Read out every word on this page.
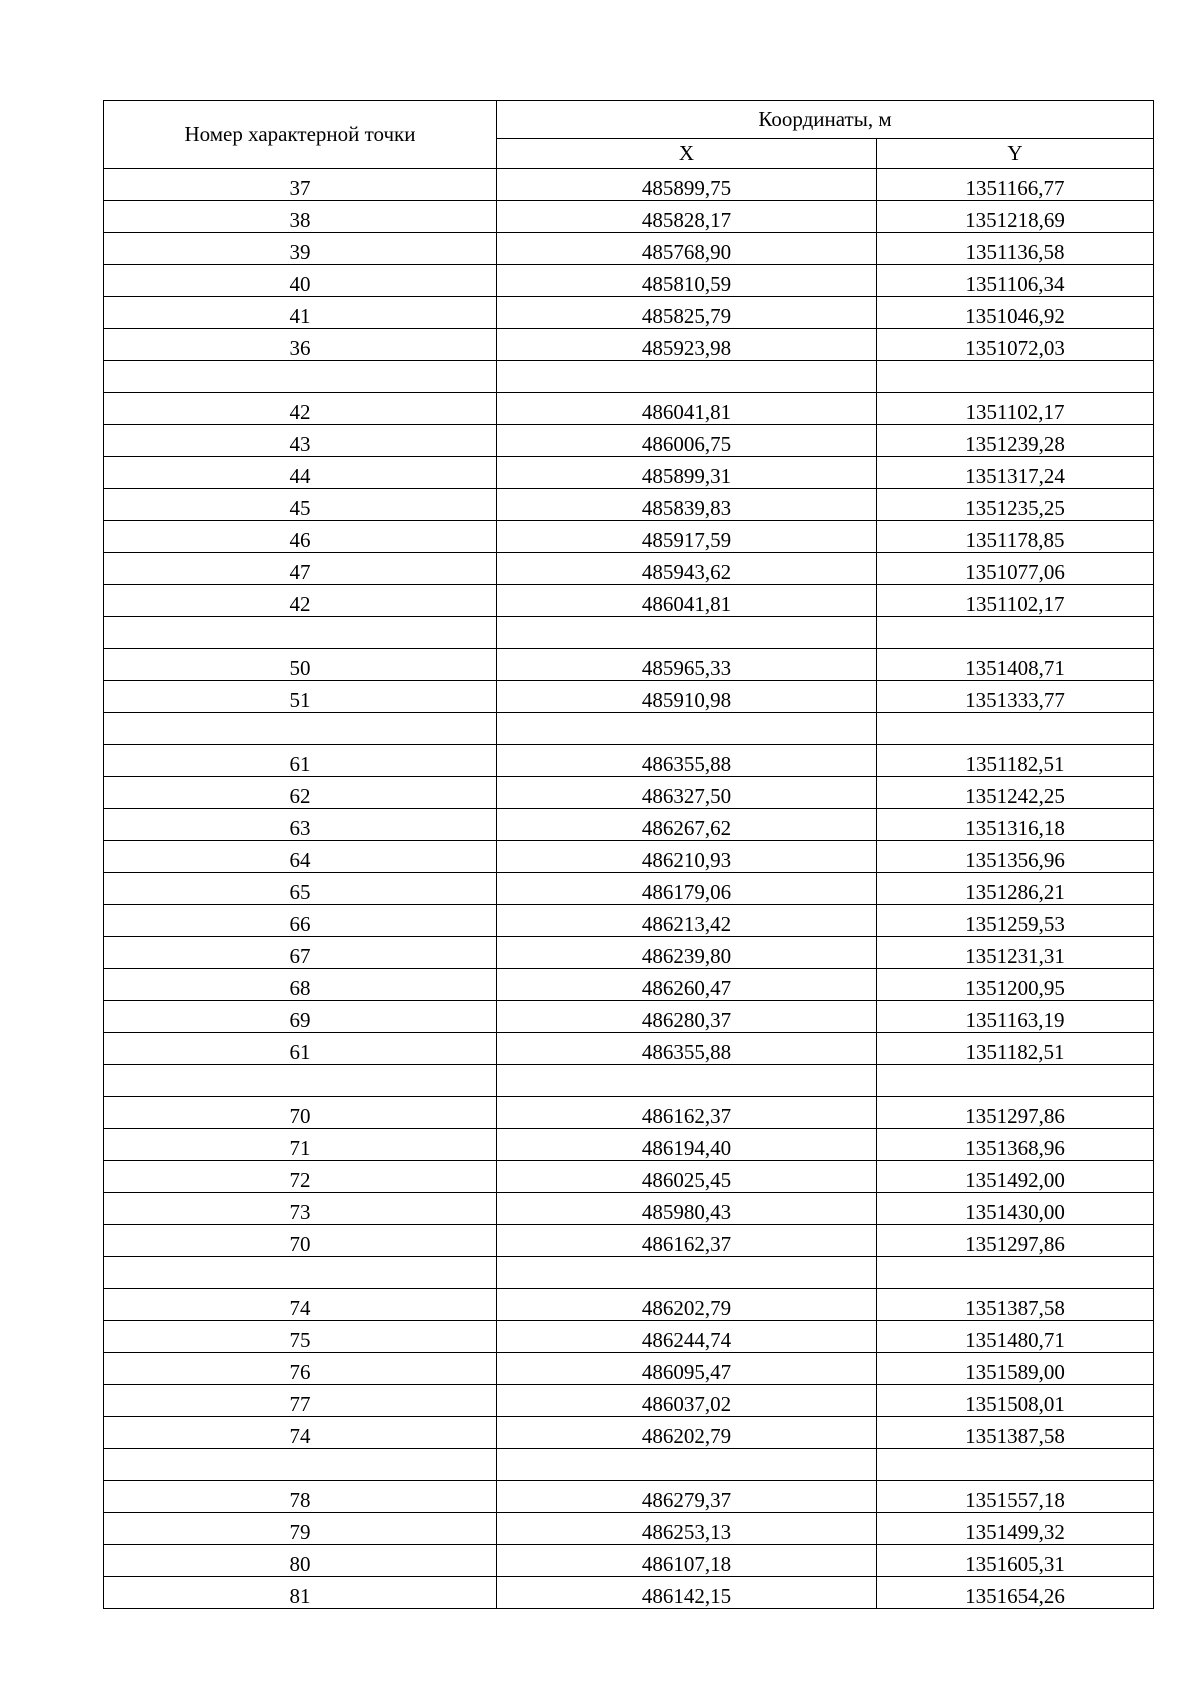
Номер характерной точки	Координаты, м	
	X	Y
37	485899,75	1351166,77
38	485828,17	1351218,69
39	485768,90	1351136,58
40	485810,59	1351106,34
41	485825,79	1351046,92
36	485923,98	1351072,03

42	486041,81	1351102,17
43	486006,75	1351239,28
44	485899,31	1351317,24
45	485839,83	1351235,25
46	485917,59	1351178,85
47	485943,62	1351077,06
42	486041,81	1351102,17

50	485965,33	1351408,71
51	485910,98	1351333,77

61	486355,88	1351182,51
62	486327,50	1351242,25
63	486267,62	1351316,18
64	486210,93	1351356,96
65	486179,06	1351286,21
66	486213,42	1351259,53
67	486239,80	1351231,31
68	486260,47	1351200,95
69	486280,37	1351163,19
61	486355,88	1351182,51

70	486162,37	1351297,86
71	486194,40	1351368,96
72	486025,45	1351492,00
73	485980,43	1351430,00
70	486162,37	1351297,86

74	486202,79	1351387,58
75	486244,74	1351480,71
76	486095,47	1351589,00
77	486037,02	1351508,01
74	486202,79	1351387,58

78	486279,37	1351557,18
79	486253,13	1351499,32
80	486107,18	1351605,31
81	486142,15	1351654,26
